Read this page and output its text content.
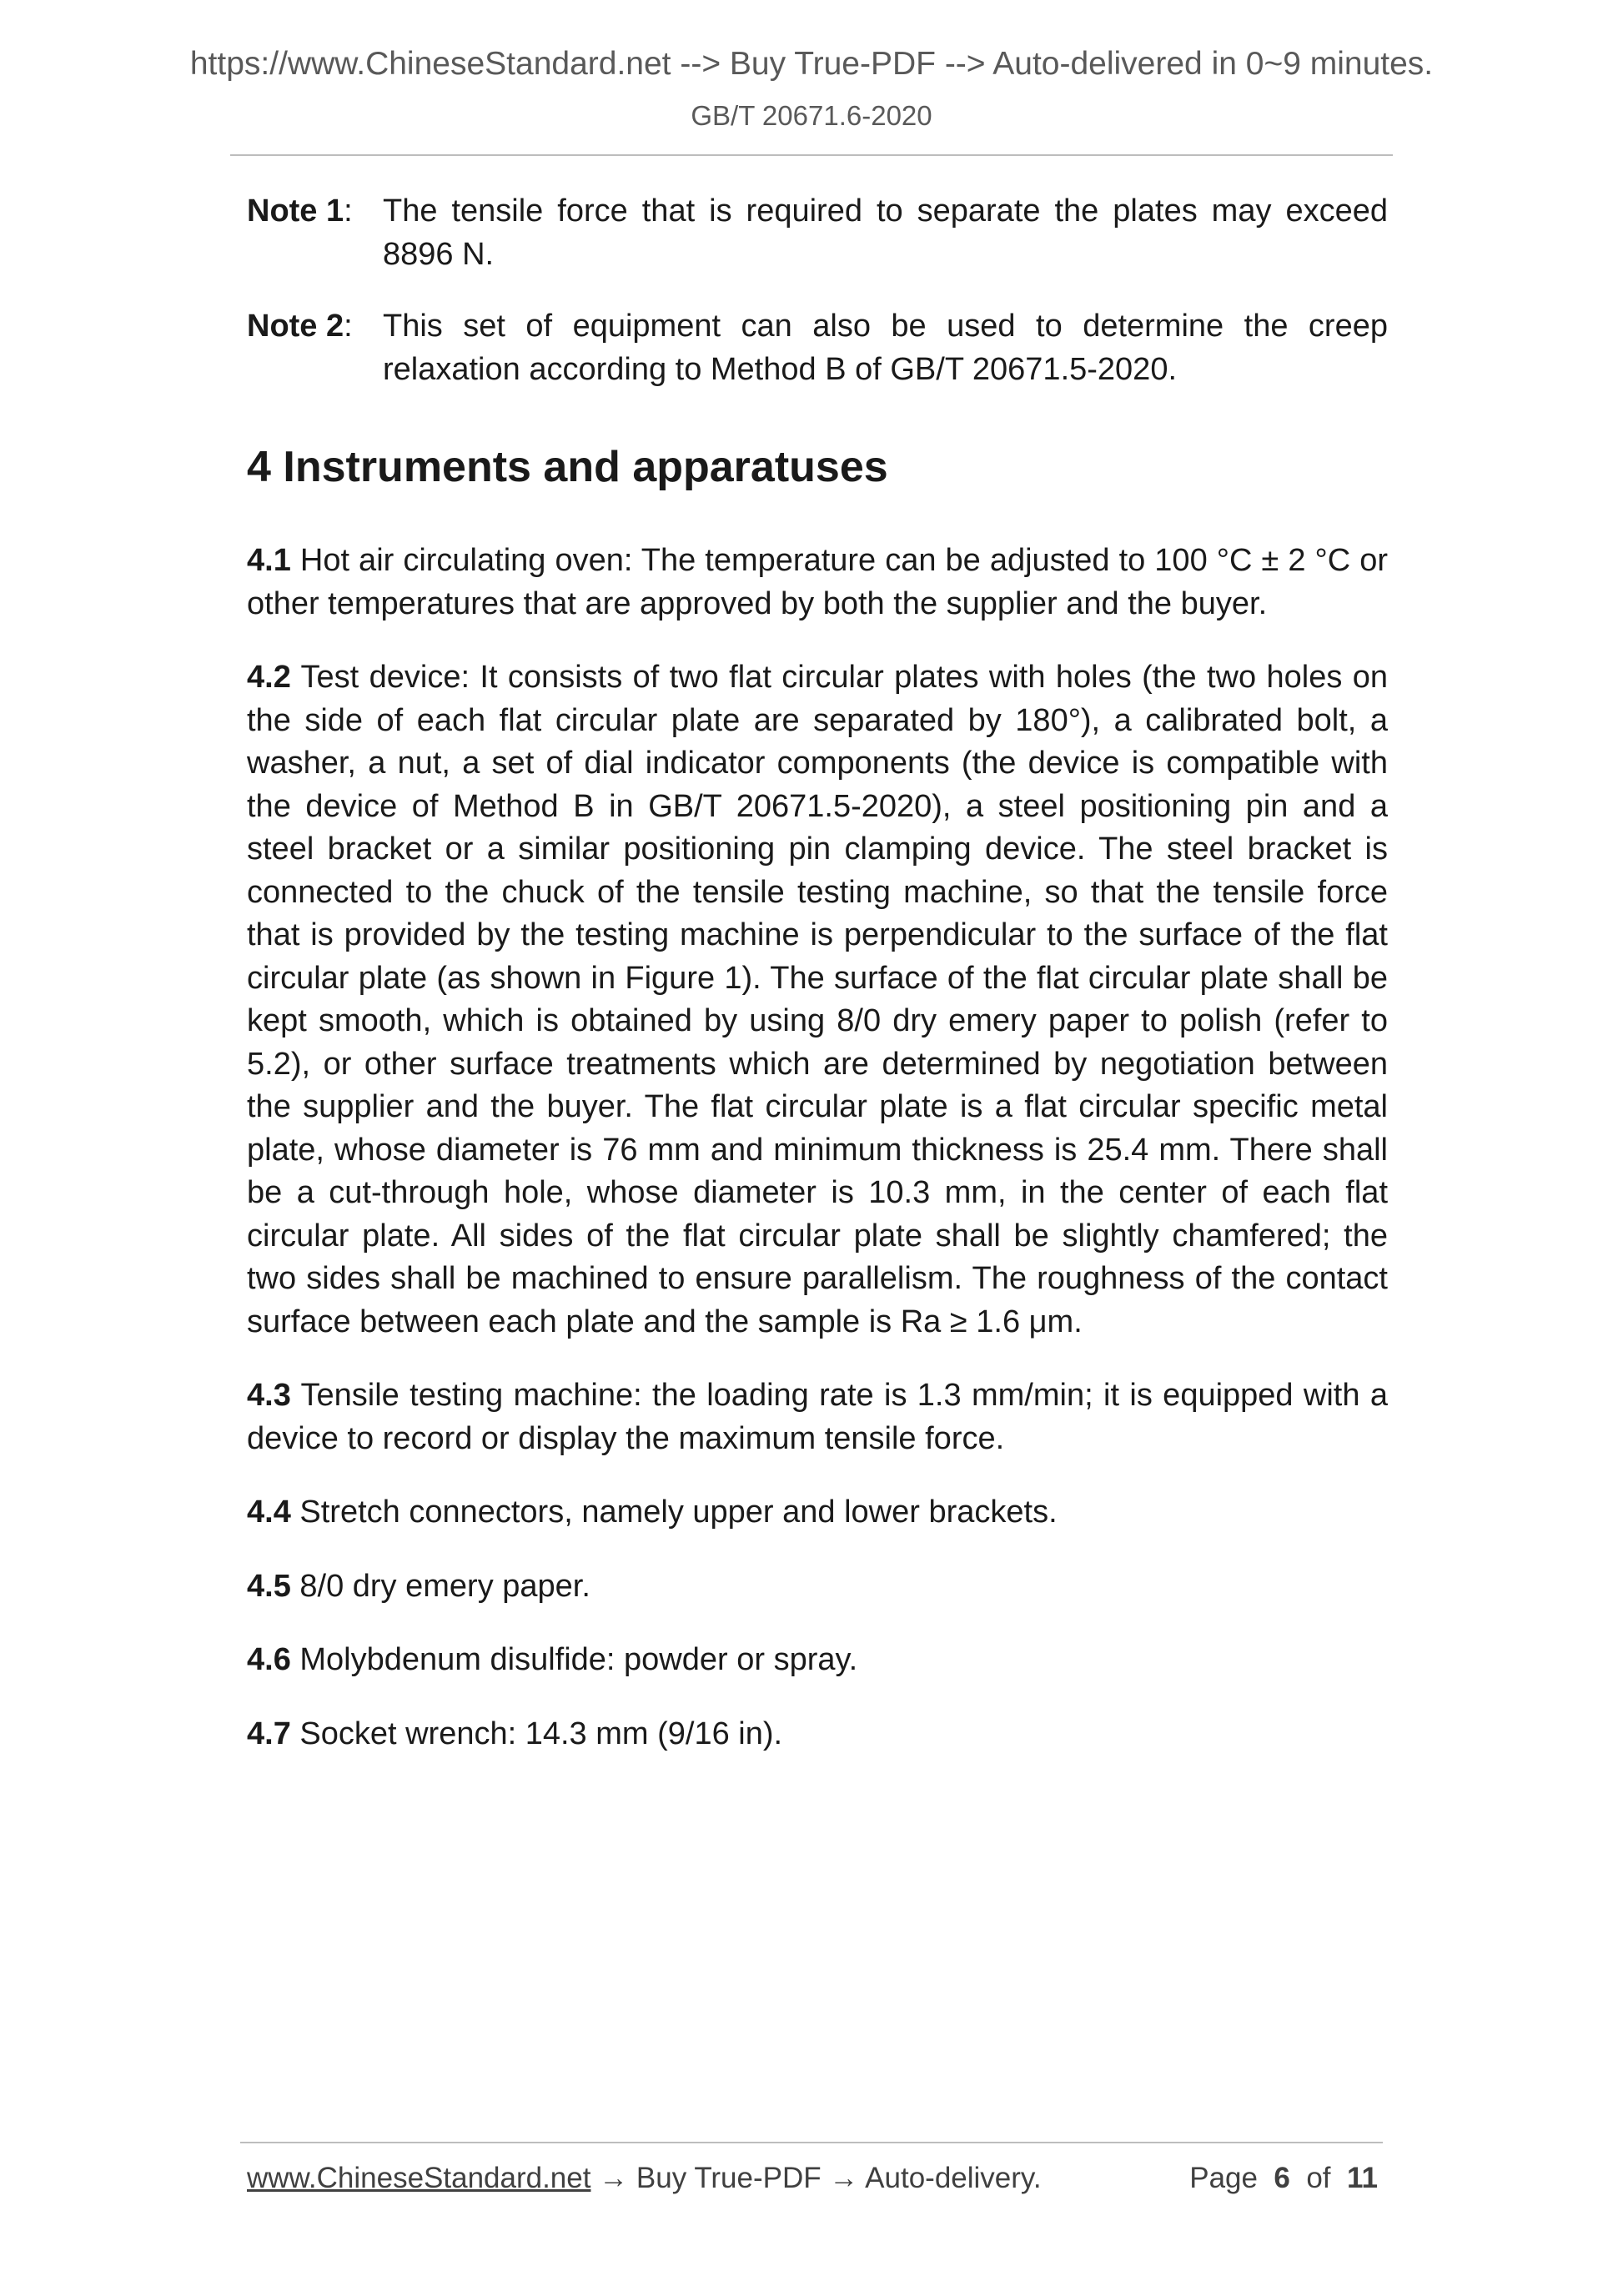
https://www.ChineseStandard.net --> Buy True-PDF --> Auto-delivered in 0~9 minutes.
GB/T 20671.6-2020
Note 1: The tensile force that is required to separate the plates may exceed 8896 N.
Note 2: This set of equipment can also be used to determine the creep relaxation according to Method B of GB/T 20671.5-2020.
4 Instruments and apparatuses

4.1 Hot air circulating oven: The temperature can be adjusted to 100 °C ± 2 °C or other temperatures that are approved by both the supplier and the buyer.

4.2 Test device: It consists of two flat circular plates with holes (the two holes on the side of each flat circular plate are separated by 180°), a calibrated bolt, a washer, a nut, a set of dial indicator components (the device is compatible with the device of Method B in GB/T 20671.5-2020), a steel positioning pin and a steel bracket or a similar positioning pin clamping device. The steel bracket is connected to the chuck of the tensile testing machine, so that the tensile force that is provided by the testing machine is perpendicular to the surface of the flat circular plate (as shown in Figure 1). The surface of the flat circular plate shall be kept smooth, which is obtained by using 8/0 dry emery paper to polish (refer to 5.2), or other surface treatments which are determined by negotiation between the supplier and the buyer. The flat circular plate is a flat circular specific metal plate, whose diameter is 76 mm and minimum thickness is 25.4 mm. There shall be a cut-through hole, whose diameter is 10.3 mm, in the center of each flat circular plate. All sides of the flat circular plate shall be slightly chamfered; the two sides shall be machined to ensure parallelism. The roughness of the contact surface between each plate and the sample is Ra ≥ 1.6 μm.

4.3 Tensile testing machine: the loading rate is 1.3 mm/min; it is equipped with a device to record or display the maximum tensile force.

4.4 Stretch connectors, namely upper and lower brackets.

4.5 8/0 dry emery paper.

4.6 Molybdenum disulfide: powder or spray.

4.7 Socket wrench: 14.3 mm (9/16 in).

www.ChineseStandard.net → Buy True-PDF → Auto-delivery.	Page 6 of 11
